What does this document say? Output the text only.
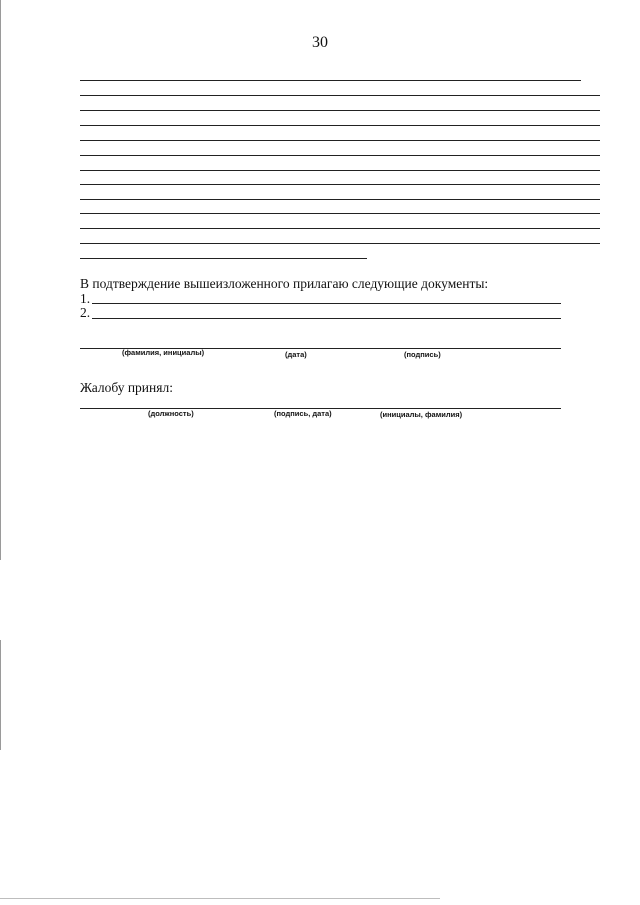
30
В подтверждение вышеизложенного прилагаю следующие документы:
1.
2.
(фамилия, инициалы)	(дата)	(подпись)
Жалобу принял:
(должность)	(подпись, дата)	(инициалы, фамилия)
